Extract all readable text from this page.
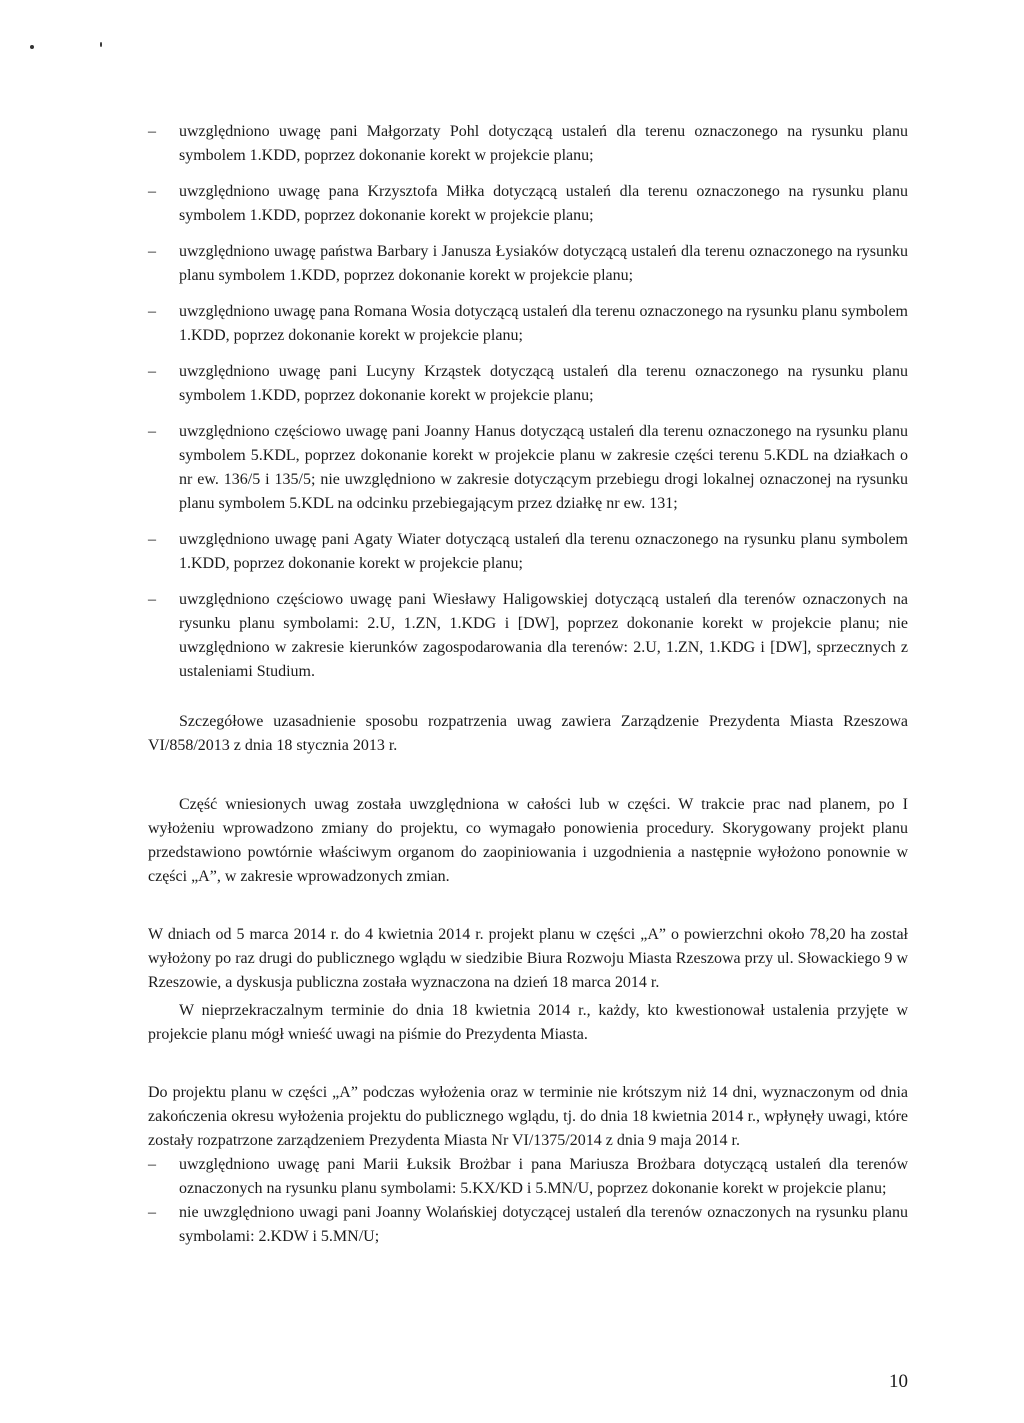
– uwzględniono uwagę pani Małgorzaty Pohl dotyczącą ustaleń dla terenu oznaczonego na rysunku planu symbolem 1.KDD, poprzez dokonanie korekt w projekcie planu;
– uwzględniono uwagę pana Krzysztofa Miłka dotyczącą ustaleń dla terenu oznaczonego na rysunku planu symbolem 1.KDD, poprzez dokonanie korekt w projekcie planu;
– uwzględniono uwagę państwa Barbary i Janusza Łysiaków dotyczącą ustaleń dla terenu oznaczonego na rysunku planu symbolem 1.KDD, poprzez dokonanie korekt w projekcie planu;
– uwzględniono uwagę pana Romana Wosia dotyczącą ustaleń dla terenu oznaczonego na rysunku planu symbolem 1.KDD, poprzez dokonanie korekt w projekcie planu;
– uwzględniono uwagę pani Lucyny Krząstek dotyczącą ustaleń dla terenu oznaczonego na rysunku planu symbolem 1.KDD, poprzez dokonanie korekt w projekcie planu;
– uwzględniono częściowo uwagę pani Joanny Hanus dotyczącą ustaleń dla terenu oznaczonego na rysunku planu symbolem 5.KDL, poprzez dokonanie korekt w projekcie planu w zakresie części terenu 5.KDL na działkach o nr ew. 136/5 i 135/5; nie uwzględniono w zakresie dotyczącym przebiegu drogi lokalnej oznaczonej na rysunku planu symbolem 5.KDL na odcinku przebiegającym przez działkę nr ew. 131;
– uwzględniono uwagę pani Agaty Wiater dotyczącą ustaleń dla terenu oznaczonego na rysunku planu symbolem 1.KDD, poprzez dokonanie korekt w projekcie planu;
– uwzględniono częściowo uwagę pani Wiesławy Haligowskiej dotyczącą ustaleń dla terenów oznaczonych na rysunku planu symbolami: 2.U, 1.ZN, 1.KDG i [DW], poprzez dokonanie korekt w projekcie planu; nie uwzględniono w zakresie kierunków zagospodarowania dla terenów: 2.U, 1.ZN, 1.KDG i [DW], sprzecznych z ustaleniami Studium.

Szczegółowe uzasadnienie sposobu rozpatrzenia uwag zawiera Zarządzenie Prezydenta Miasta Rzeszowa VI/858/2013 z dnia 18 stycznia 2013 r.

Część wniesionych uwag została uwzględniona w całości lub w części. W trakcie prac nad planem, po I wyłożeniu wprowadzono zmiany do projektu, co wymagało ponowienia procedury. Skorygowany projekt planu przedstawiono powtórnie właściwym organom do zaopiniowania i uzgodnienia a następnie wyłożono ponownie w części „A”, w zakresie wprowadzonych zmian.

W dniach od 5 marca 2014 r. do 4 kwietnia 2014 r. projekt planu w części „A” o powierzchni około 78,20 ha został wyłożony po raz drugi do publicznego wglądu w siedzibie Biura Rozwoju Miasta Rzeszowa przy ul. Słowackiego 9 w Rzeszowie, a dyskusja publiczna została wyznaczona na dzień 18 marca 2014 r.

W nieprzekraczalnym terminie do dnia 18 kwietnia 2014 r., każdy, kto kwestionował ustalenia przyjęte w projekcie planu mógł wnieść uwagi na piśmie do Prezydenta Miasta.

Do projektu planu w części „A” podczas wyłożenia oraz w terminie nie krótszym niż 14 dni, wyznaczonym od dnia zakończenia okresu wyłożenia projektu do publicznego wglądu, tj. do dnia 18 kwietnia 2014 r., wpłynęły uwagi, które zostały rozpatrzone zarządzeniem Prezydenta Miasta Nr VI/1375/2014 z dnia 9 maja 2014 r.

– uwzględniono uwagę pani Marii Łuksik Brożbar i pana Mariusza Brożbara dotyczącą ustaleń dla terenów oznaczonych na rysunku planu symbolami: 5.KX/KD i 5.MN/U, poprzez dokonanie korekt w projekcie planu;
– nie uwzględniono uwagi pani Joanny Wolańskiej dotyczącej ustaleń dla terenów oznaczonych na rysunku planu symbolami: 2.KDW i 5.MN/U;
10
